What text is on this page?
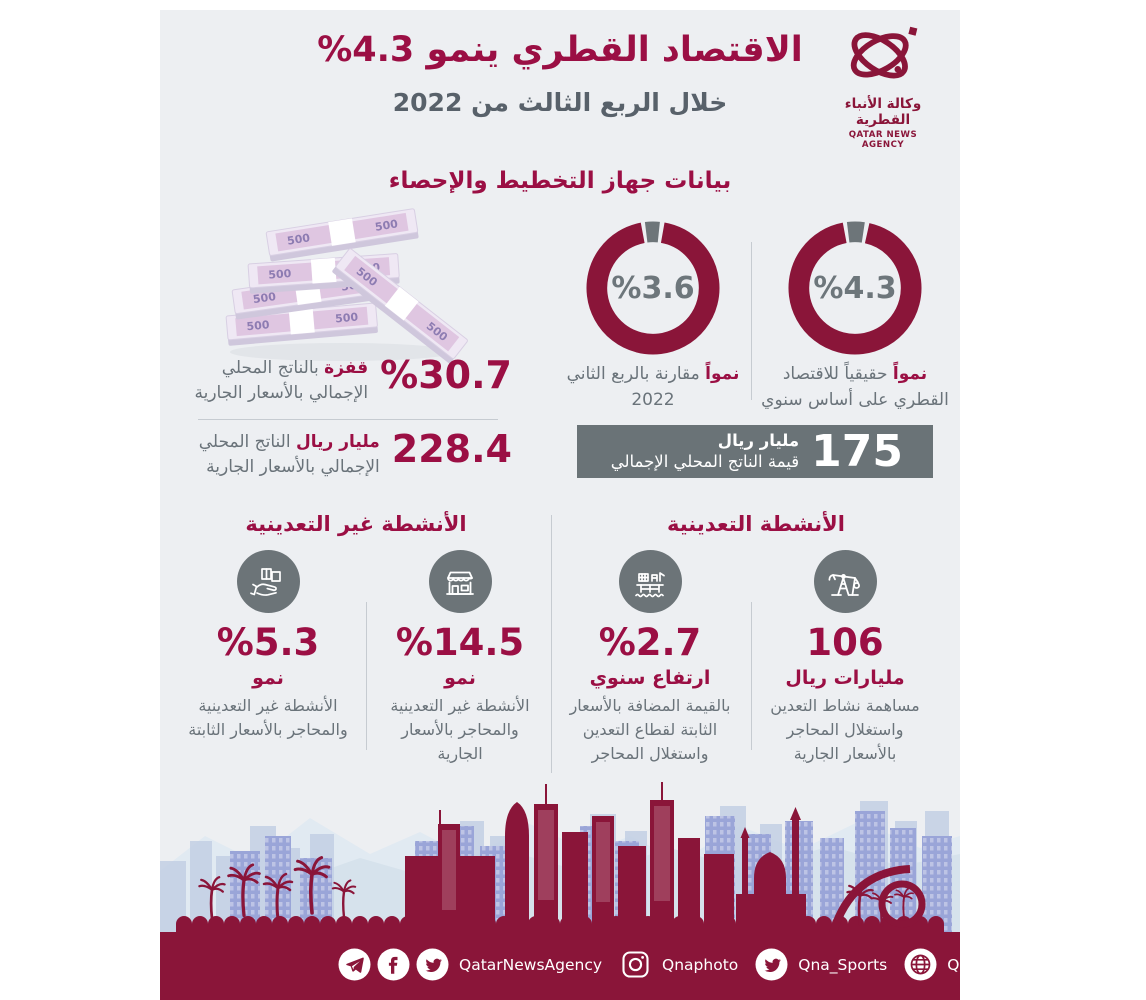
وكالة الأنباء القطرية
QATAR NEWS AGENCY
الاقتصاد القطري ينمو %4.3
خلال الربع الثالث من 2022
بيانات جهاز التخطيط والإحصاء
500
500
%30.7
قفزة بالناتج المحلي الإجمالي بالأسعار الجارية
228.4
مليار ريال الناتج المحلي الإجمالي بالأسعار الجارية
%4.3
نمواً حقيقياً للاقتصاد القطري على أساس سنوي
%3.6
نمواً مقارنة بالربع الثاني 2022
175
مليار ريال
قيمة الناتج المحلي الإجمالي
الأنشطة التعدينية
الأنشطة غير التعدينية
106
مليارات ريال
مساهمة نشاط التعدين واستغلال المحاجر بالأسعار الجارية
%2.7
ارتفاع سنوي
بالقيمة المضافة بالأسعار الثابتة لقطاع التعدين واستغلال المحاجر
%14.5
نمو
الأنشطة غير التعدينية والمحاجر بالأسعار الجارية
%5.3
نمو
الأنشطة غير التعدينية والمحاجر بالأسعار الثابتة
QatarNewsAgency	Qnaphoto	Qna_Sports	Qna.org.qa
